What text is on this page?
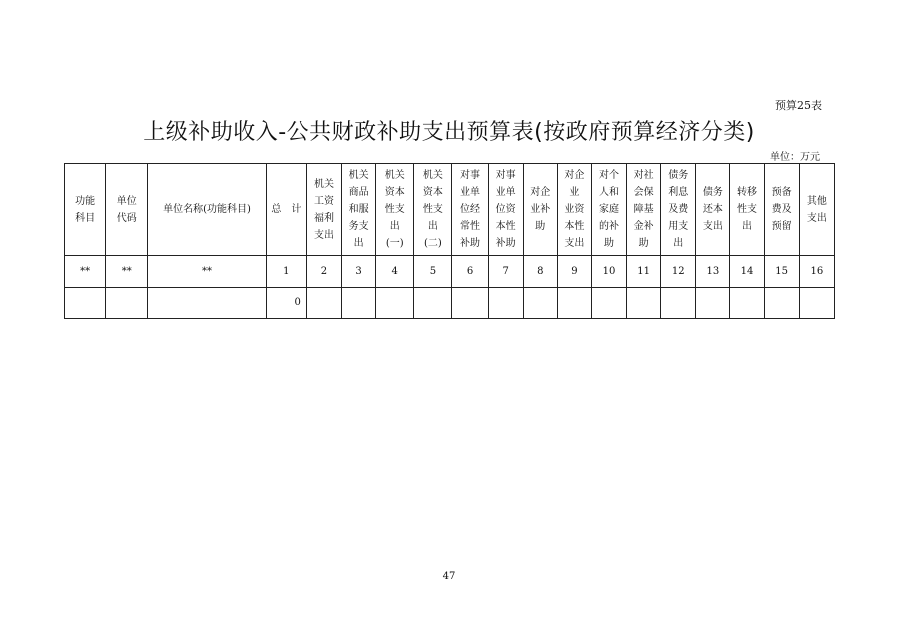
预算25表
上级补助收入-公共财政补助支出预算表(按政府预算经济分类)
单位：万元
功能
科目	单位
代码	单位名称(功能科目)	总　计	机关
工资
福利
支出	机关
商品
和服
务支
出	机关
资本
性支
出
(一)	机关
资本
性支
出
(二)	对事
业单
位经
常性
补助	对事
业单
位资
本性
补助	对企
业补
助	对企业
业资
本性
支出	对个
人和
家庭
的补
助	对社
会保
障基
金补
助	债务
利息
及费
用支
出	债务
还本
支出	转移
性支
出	预备
费及
预留	其他
支出
**	**	**	1	2	3	4	5	6	7	8	9	10	11	12	13	14	15	16
			0															
47
